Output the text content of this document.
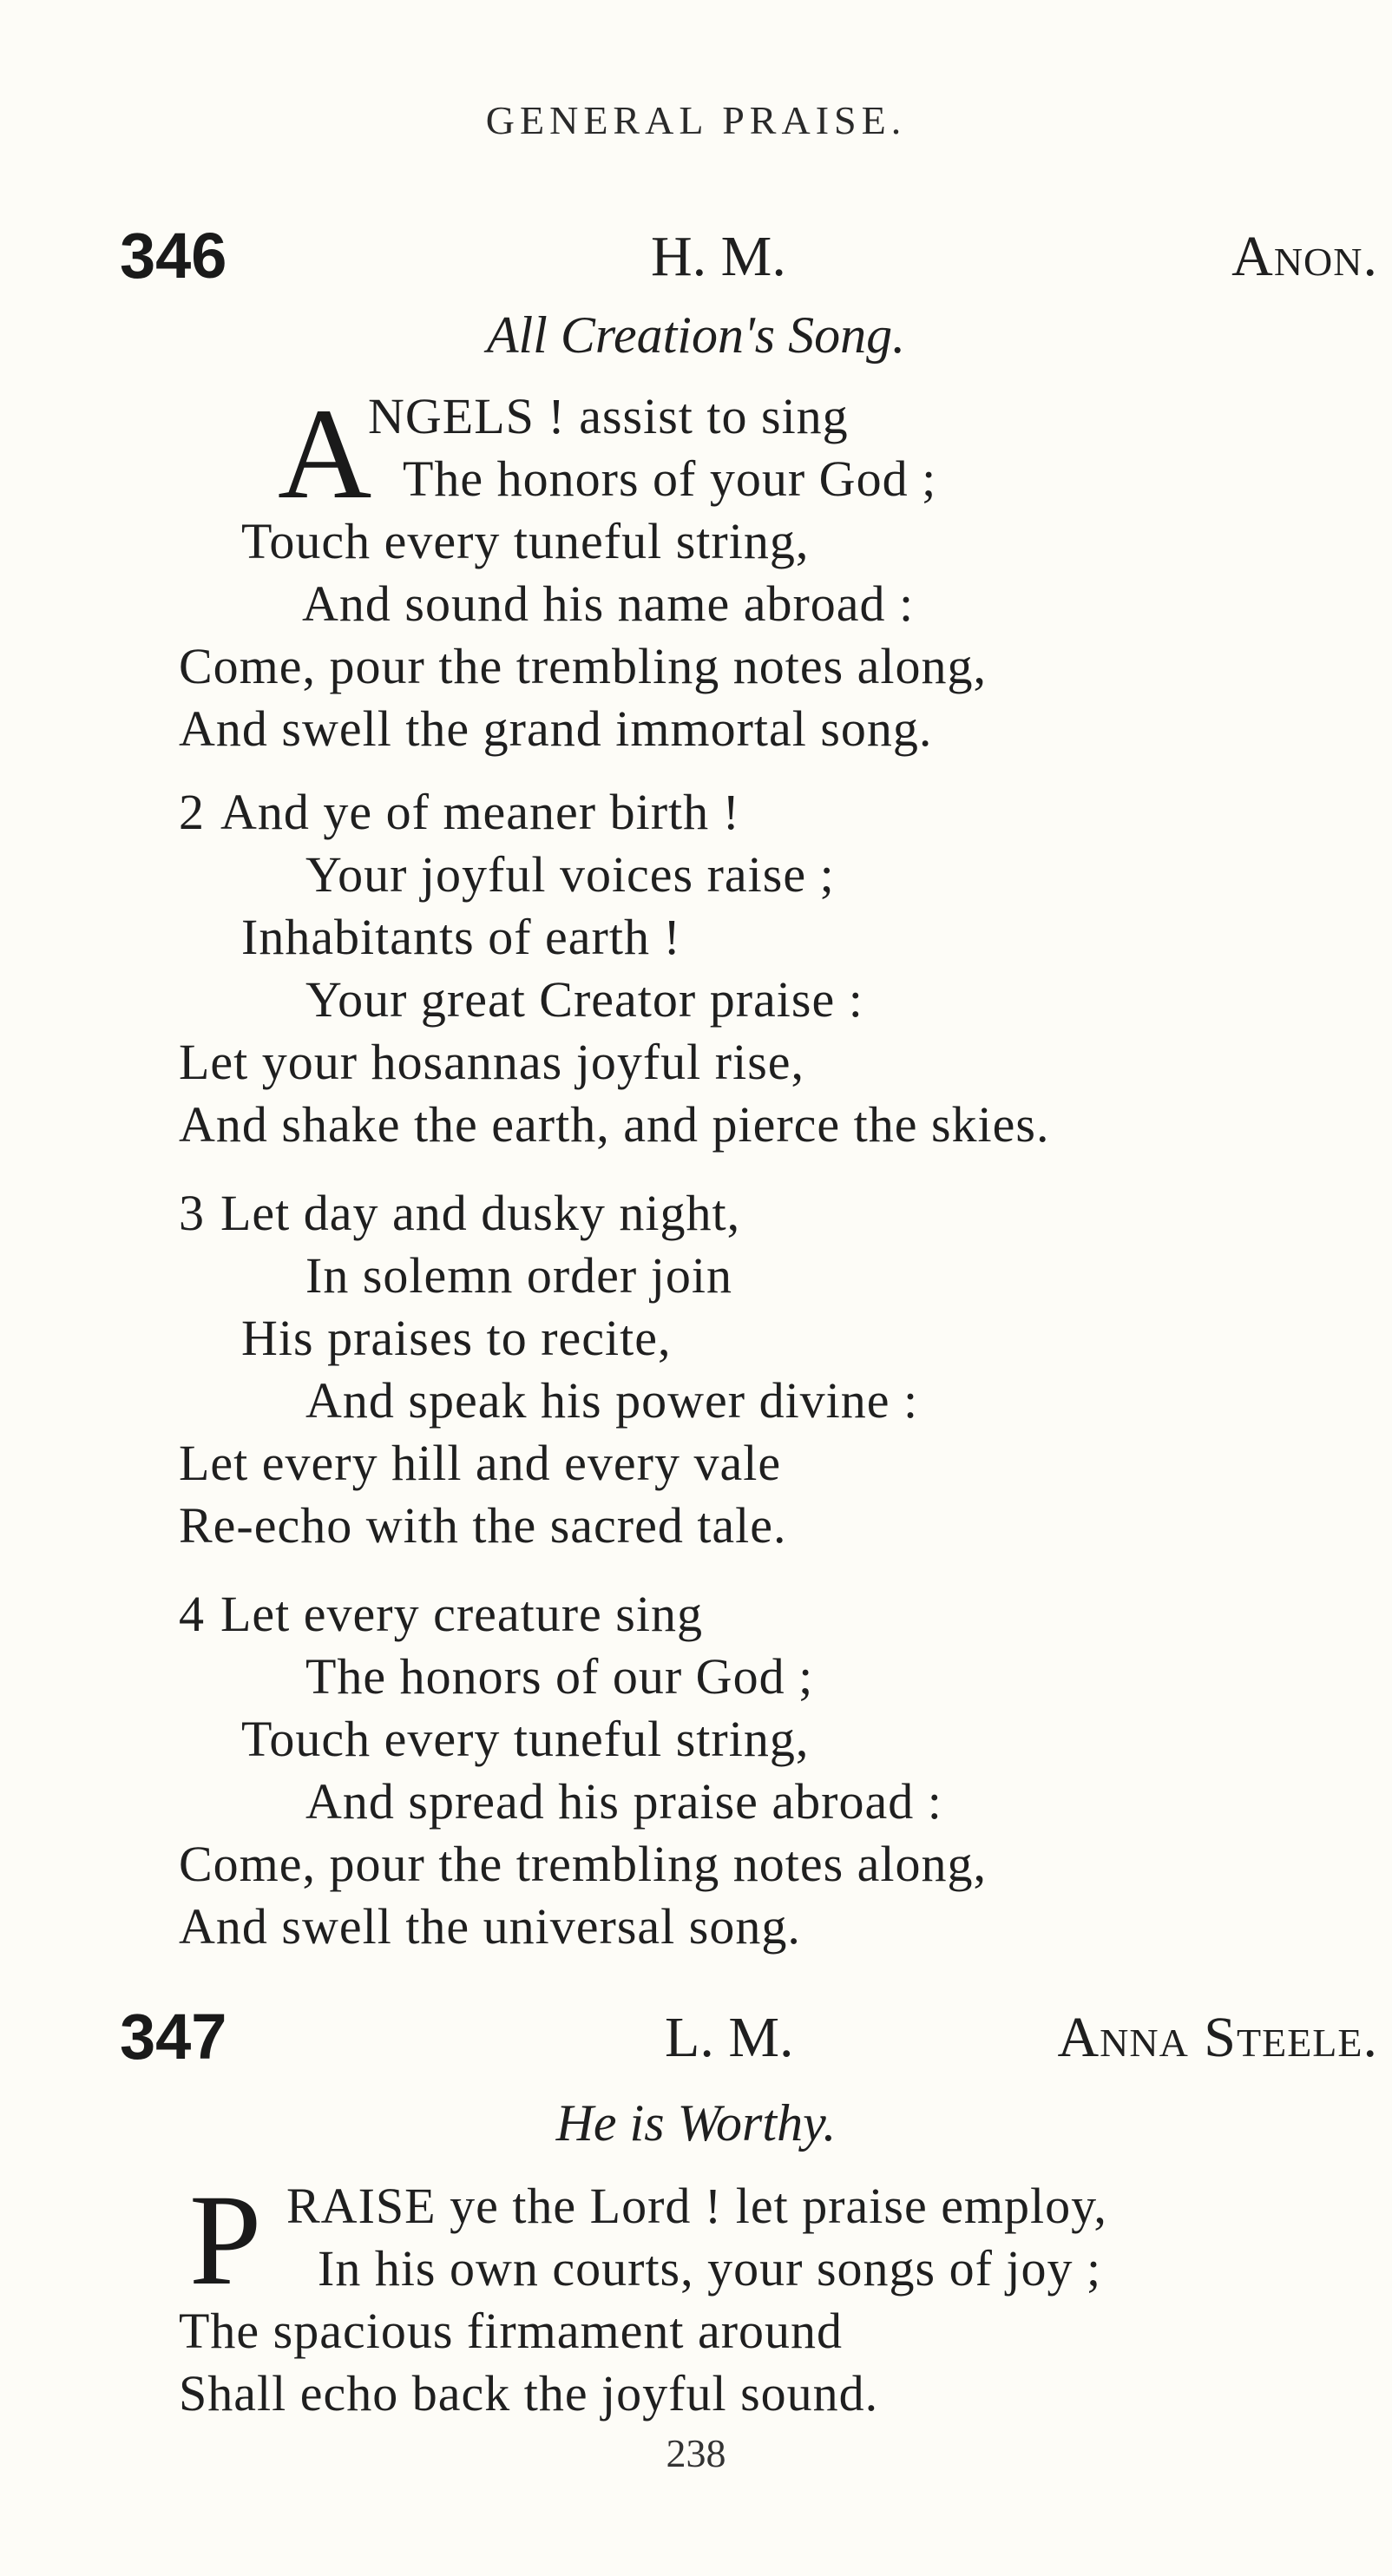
GENERAL PRAISE.
346	H. M.	Anon.
All Creation's Song.
A
NGELS ! assist to sing
The honors of your God ;
Touch every tuneful string,
And sound his name abroad :
Come, pour the trembling notes along,
And swell the grand immortal song.
2 And ye of meaner birth !
Your joyful voices raise ;
Inhabitants of earth !
Your great Creator praise :
Let your hosannas joyful rise,
And shake the earth, and pierce the skies.
3 Let day and dusky night,
In solemn order join
His praises to recite,
And speak his power divine :
Let every hill and every vale
Re-echo with the sacred tale.
4 Let every creature sing
The honors of our God ;
Touch every tuneful string,
And spread his praise abroad :
Come, pour the trembling notes along,
And swell the universal song.
347	L. M.	Anna Steele.
He is Worthy.
P RAISE ye the Lord ! let praise employ,
In his own courts, your songs of joy ;
The spacious firmament around
Shall echo back the joyful sound.
238
